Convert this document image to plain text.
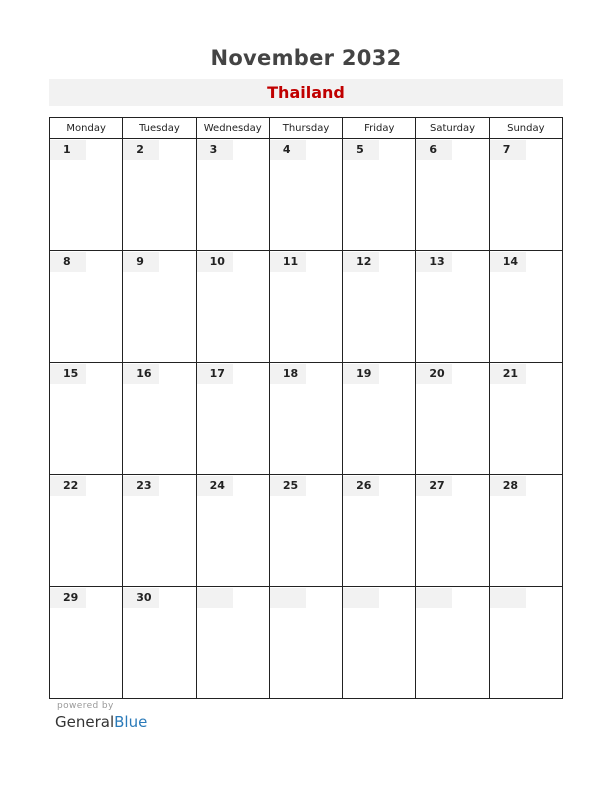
November 2032
Thailand
Monday	Tuesday	Wednesday	Thursday	Friday	Saturday	Sunday

1	2	3	4	5	6	7

8	9	10	11	12	13	14

15	16	17	18	19	20	21

22	23	24	25	26	27	28

29	30					

powered by
GeneralBlue
